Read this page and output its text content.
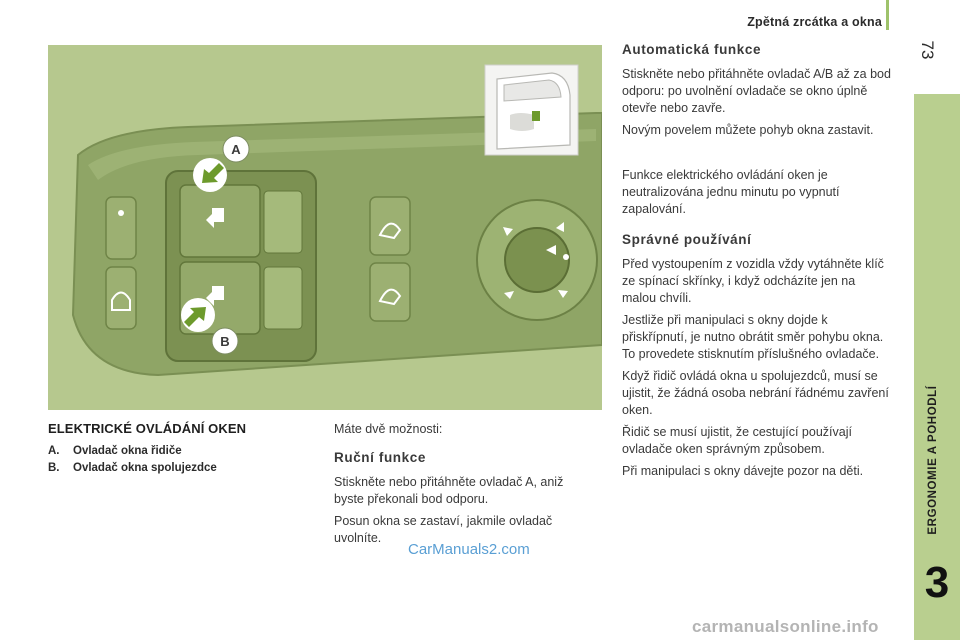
Zpětná zrcátka a okna
73
ERGONOMIE A POHODLÍ
3
A
B
ELEKTRICKÉ OVLÁDÁNÍ OKEN
A.	Ovladač okna řidiče
B.	Ovladač okna spolujezdce

Máte dvě možnosti:

Ruční funkce

Stiskněte nebo přitáhněte ovladač A, aniž byste překonali bod odporu.

Posun okna se zastaví, jakmile ovladač uvolníte.

Automatická funkce

Stiskněte nebo přitáhněte ovladač A/B až za bod odporu: po uvolnění ovladače se okno úplně otevře nebo zavře.

Novým povelem můžete pohyb okna zastavit.

Funkce elektrického ovládání oken je neutralizována jednu minutu po vypnutí zapalování.

Správné používání

Před vystoupením z vozidla vždy vytáhněte klíč ze spínací skřínky, i když odcházíte jen na malou chvíli.

Jestliže při manipulaci s okny dojde k přiskřípnutí, je nutno obrátit směr pohybu okna. To provedete stisknutím příslušného ovladače.

Když řidič ovládá okna u spolujezdců, musí se ujistit, že žádná osoba nebrání řádnému zavření oken.

Řidič se musí ujistit, že cestující používají ovladače oken správným způsobem.

Při manipulaci s okny dávejte pozor na děti.

CarManuals2.com
carmanualsonline.info
